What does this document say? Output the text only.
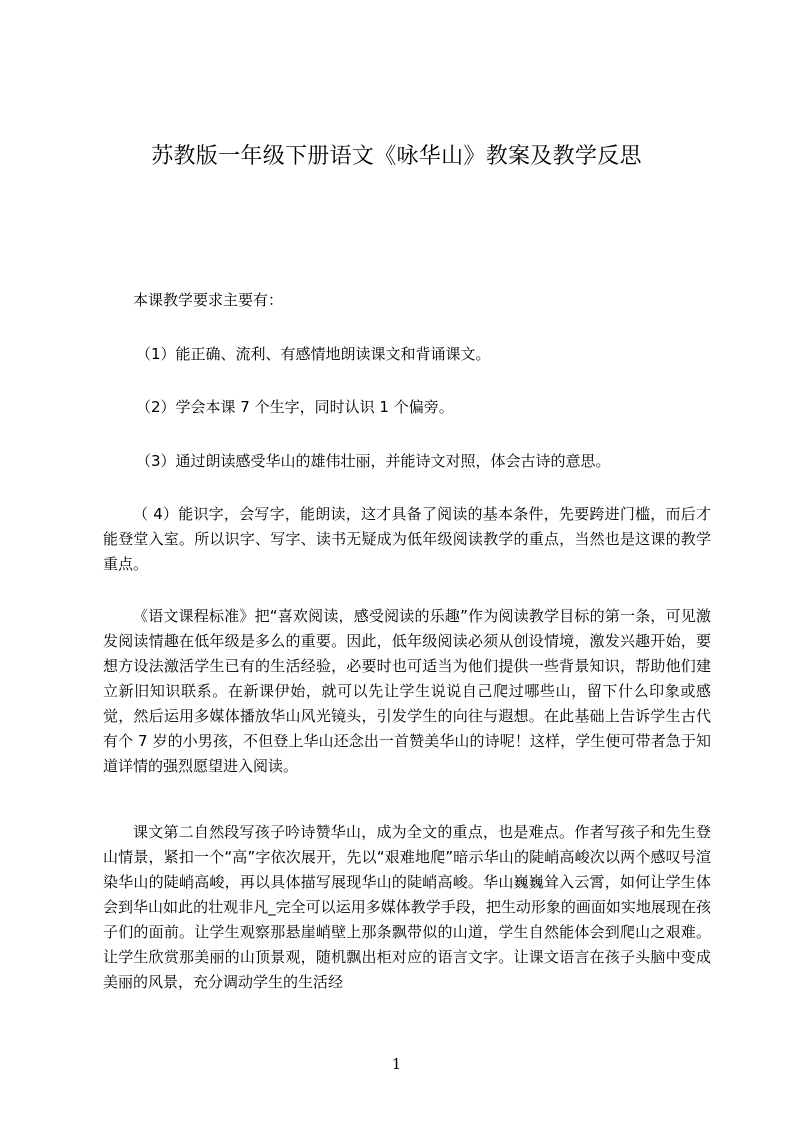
苏教版一年级下册语文《咏华山》教案及教学反思
本课教学要求主要有：
（1）能正确、流利、有感情地朗读课文和背诵课文。
（2）学会本课 7 个生字，同时认识 1 个偏旁。
（3）通过朗读感受华山的雄伟壮丽，并能诗文对照，体会古诗的意思。
（ 4）能识字，会写字，能朗读，这才具备了阅读的基本条件，先要跨进门槛，而后才能登堂入室。所以识字、写字、读书无疑成为低年级阅读教学的重点，当然也是这课的教学重点。
《语文课程标准》把“喜欢阅读，感受阅读的乐趣”作为阅读教学目标的第一条，可见激发阅读情趣在低年级是多么的重要。因此，低年级阅读必须从创设情境，激发兴趣开始，要想方设法激活学生已有的生活经验，必要时也可适当为他们提供一些背景知识，帮助他们建立新旧知识联系。在新课伊始，就可以先让学生说说自己爬过哪些山，留下什么印象或感觉，然后运用多媒体播放华山风光镜头，引发学生的向往与遐想。在此基础上告诉学生古代有个 7 岁的小男孩，不但登上华山还念出一首赞美华山的诗呢！这样，学生便可带者急于知道详情的强烈愿望进入阅读。
课文第二自然段写孩子吟诗赞华山，成为全文的重点，也是难点。作者写孩子和先生登山情景，紧扣一个“高”字依次展开，先以“艰难地爬”暗示华山的陡峭高峻次以两个感叹号渲染华山的陡峭高峻，再以具体描写展现华山的陡峭高峻。华山巍巍耸入云霄，如何让学生体会到华山如此的壮观非凡_完全可以运用多媒体教学手段，把生动形象的画面如实地展现在孩子们的面前。让学生观察那悬崖峭壁上那条飘带似的山道，学生自然能体会到爬山之艰难。让学生欣赏那美丽的山顶景观，随机飘出柜对应的语言文字。让课文语言在孩子头脑中变成美丽的风景，充分调动学生的生活经
1
